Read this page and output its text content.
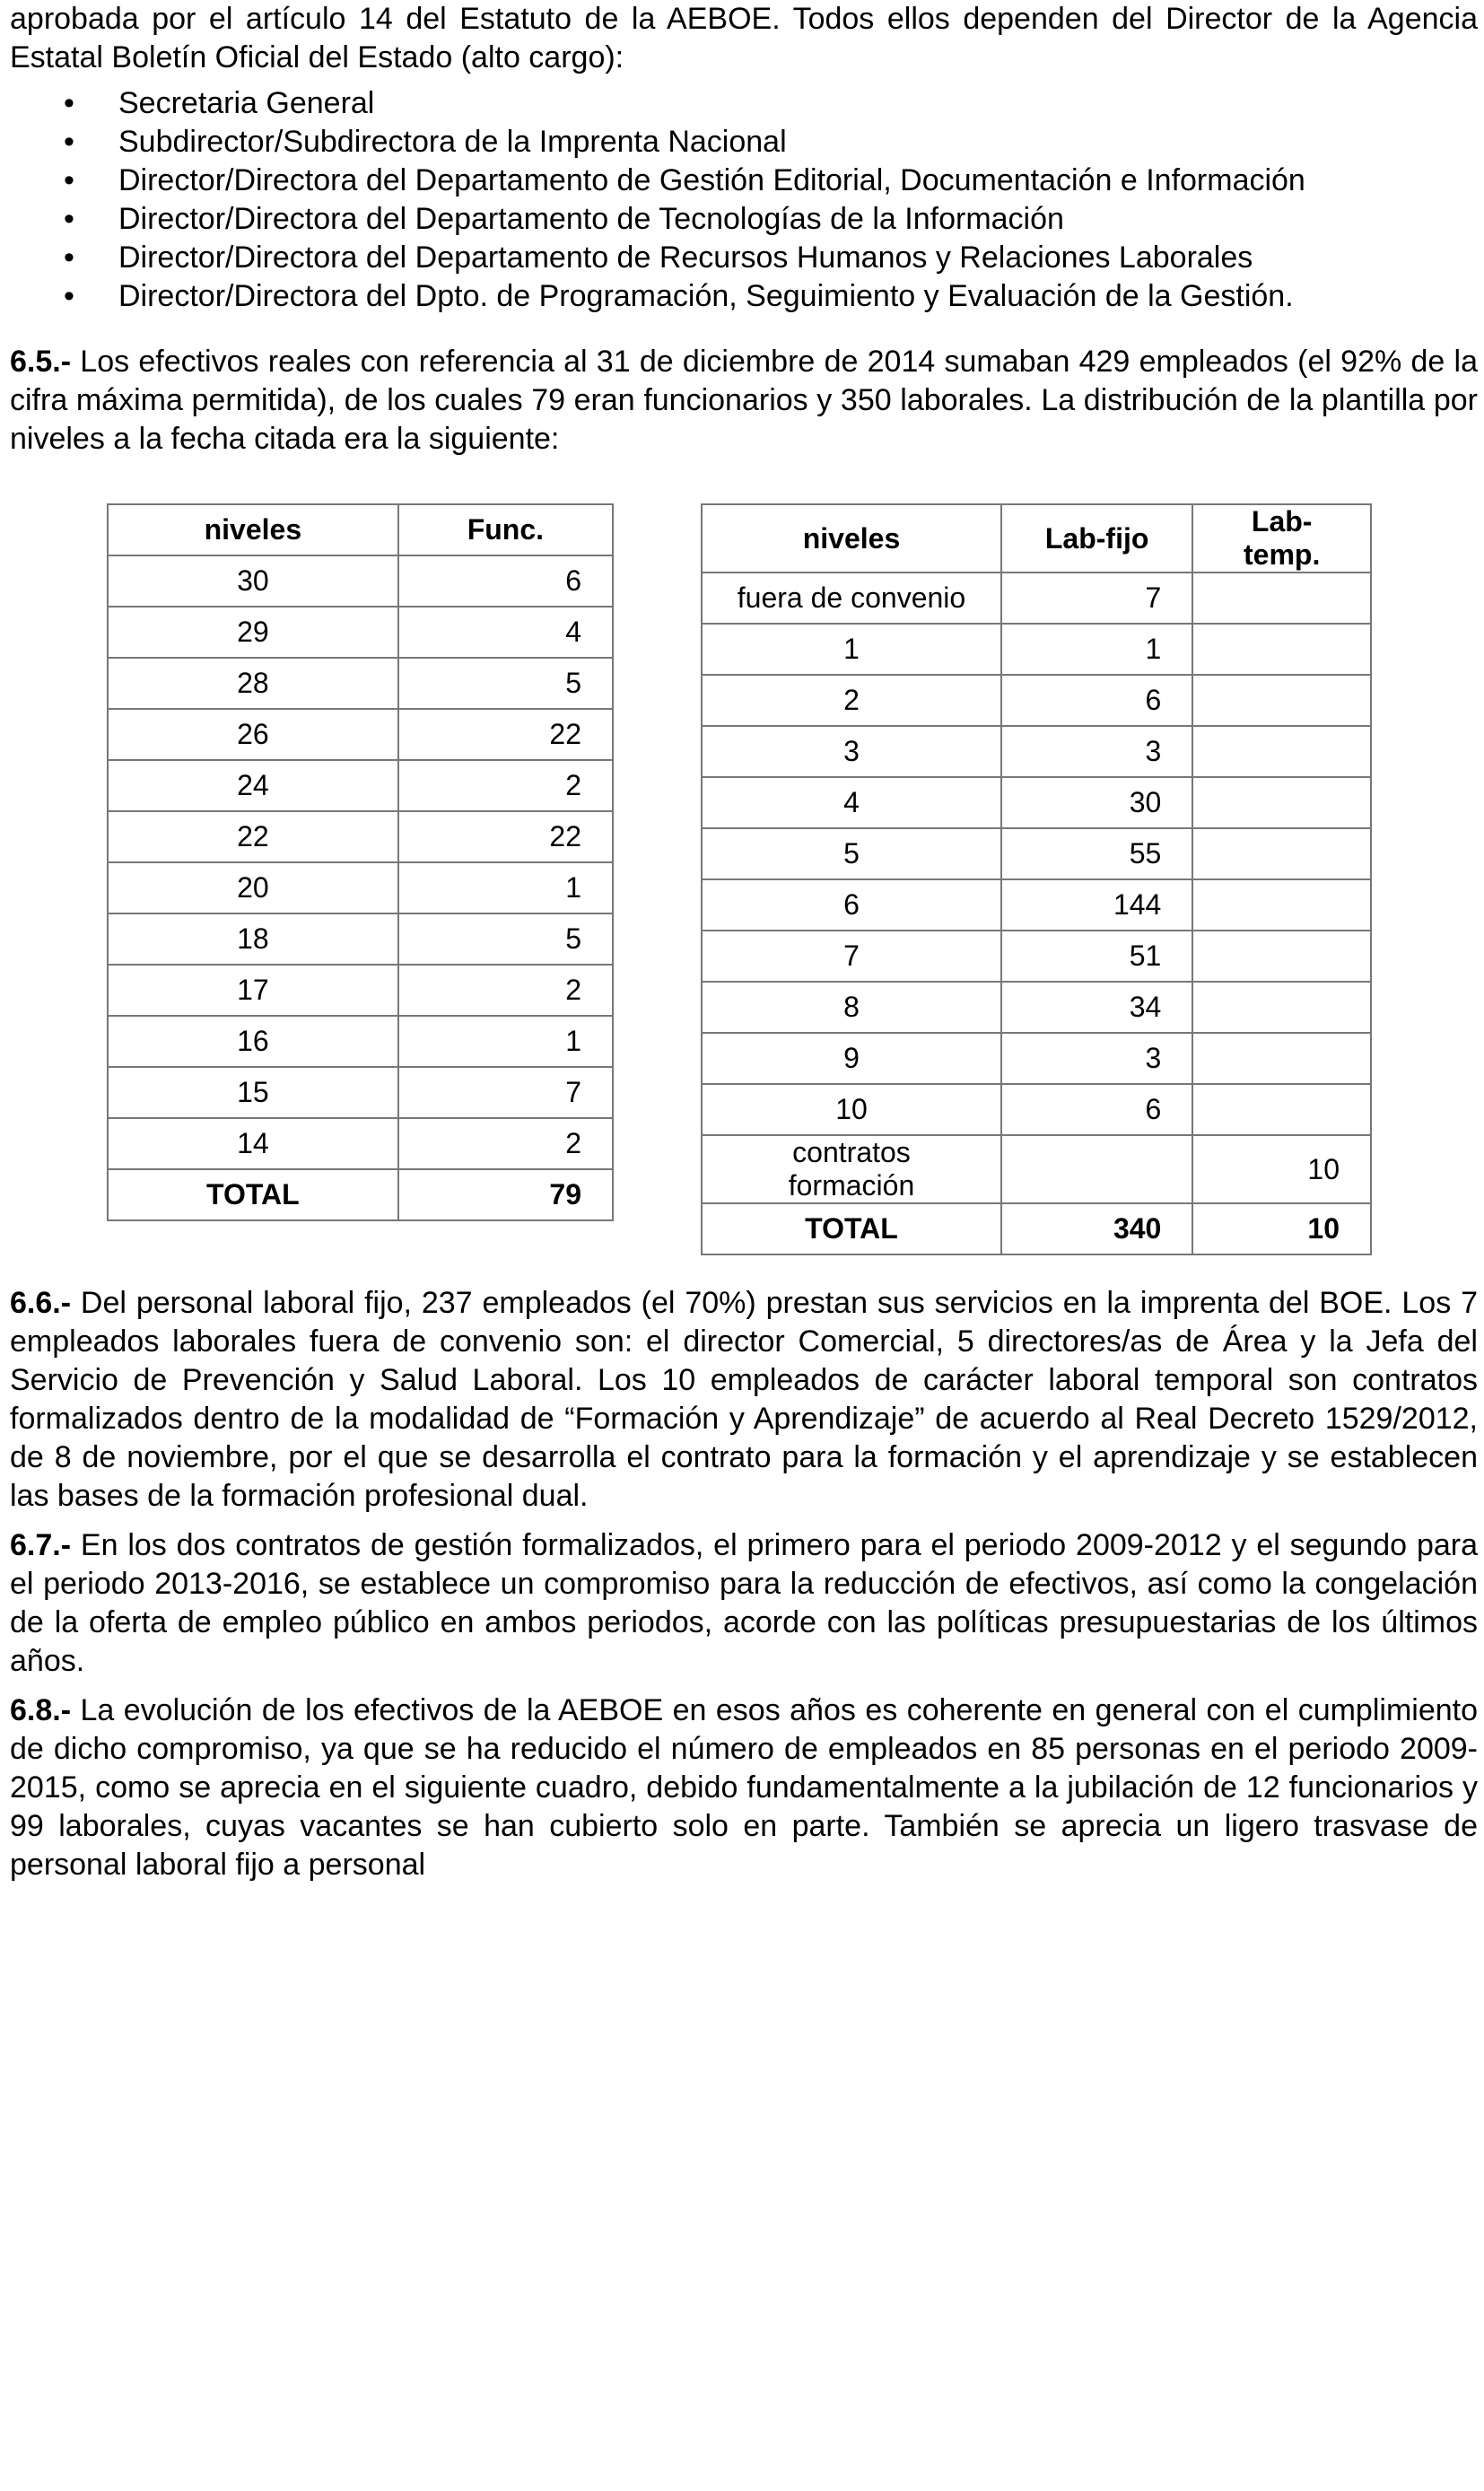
aprobada por el artículo 14 del Estatuto de la AEBOE. Todos ellos dependen del Director de la Agencia Estatal Boletín Oficial del Estado (alto cargo):

• Secretaria General
• Subdirector/Subdirectora de la Imprenta Nacional
• Director/Directora del Departamento de Gestión Editorial, Documentación e Información
• Director/Directora del Departamento de Tecnologías de la Información
• Director/Directora del Departamento de Recursos Humanos y Relaciones Laborales
• Director/Directora del Dpto. de Programación, Seguimiento y Evaluación de la Gestión.

6.5.- Los efectivos reales con referencia al 31 de diciembre de 2014 sumaban 429 empleados (el 92% de la cifra máxima permitida), de los cuales 79 eran funcionarios y 350 laborales. La distribución de la plantilla por niveles a la fecha citada era la siguiente:

niveles	Func.
30	6
29	4
28	5
26	22
24	2
22	22
20	1
18	5
17	2
16	1
15	7
14	2
TOTAL	79
niveles	Lab-fijo	Lab-temp.
fuera de convenio	7	
1	1	
2	6	
3	3	
4	30	
5	55	
6	144	
7	51	
8	34	
9	3	
10	6	
contratos formación		10
TOTAL	340	10

6.6.- Del personal laboral fijo, 237 empleados (el 70%) prestan sus servicios en la imprenta del BOE. Los 7 empleados laborales fuera de convenio son: el director Comercial, 5 directores/as de Área y la Jefa del Servicio de Prevención y Salud Laboral. Los 10 empleados de carácter laboral temporal son contratos formalizados dentro de la modalidad de “Formación y Aprendizaje” de acuerdo al Real Decreto 1529/2012, de 8 de noviembre, por el que se desarrolla el contrato para la formación y el aprendizaje y se establecen las bases de la formación profesional dual.

6.7.- En los dos contratos de gestión formalizados, el primero para el periodo 2009-2012 y el segundo para el periodo 2013-2016, se establece un compromiso para la reducción de efectivos, así como la congelación de la oferta de empleo público en ambos periodos, acorde con las políticas presupuestarias de los últimos años.

6.8.- La evolución de los efectivos de la AEBOE en esos años es coherente en general con el cumplimiento de dicho compromiso, ya que se ha reducido el número de empleados en 85 personas en el periodo 2009-2015, como se aprecia en el siguiente cuadro, debido fundamentalmente a la jubilación de 12 funcionarios y 99 laborales, cuyas vacantes se han cubierto solo en parte. También se aprecia un ligero trasvase de personal laboral fijo a personal
